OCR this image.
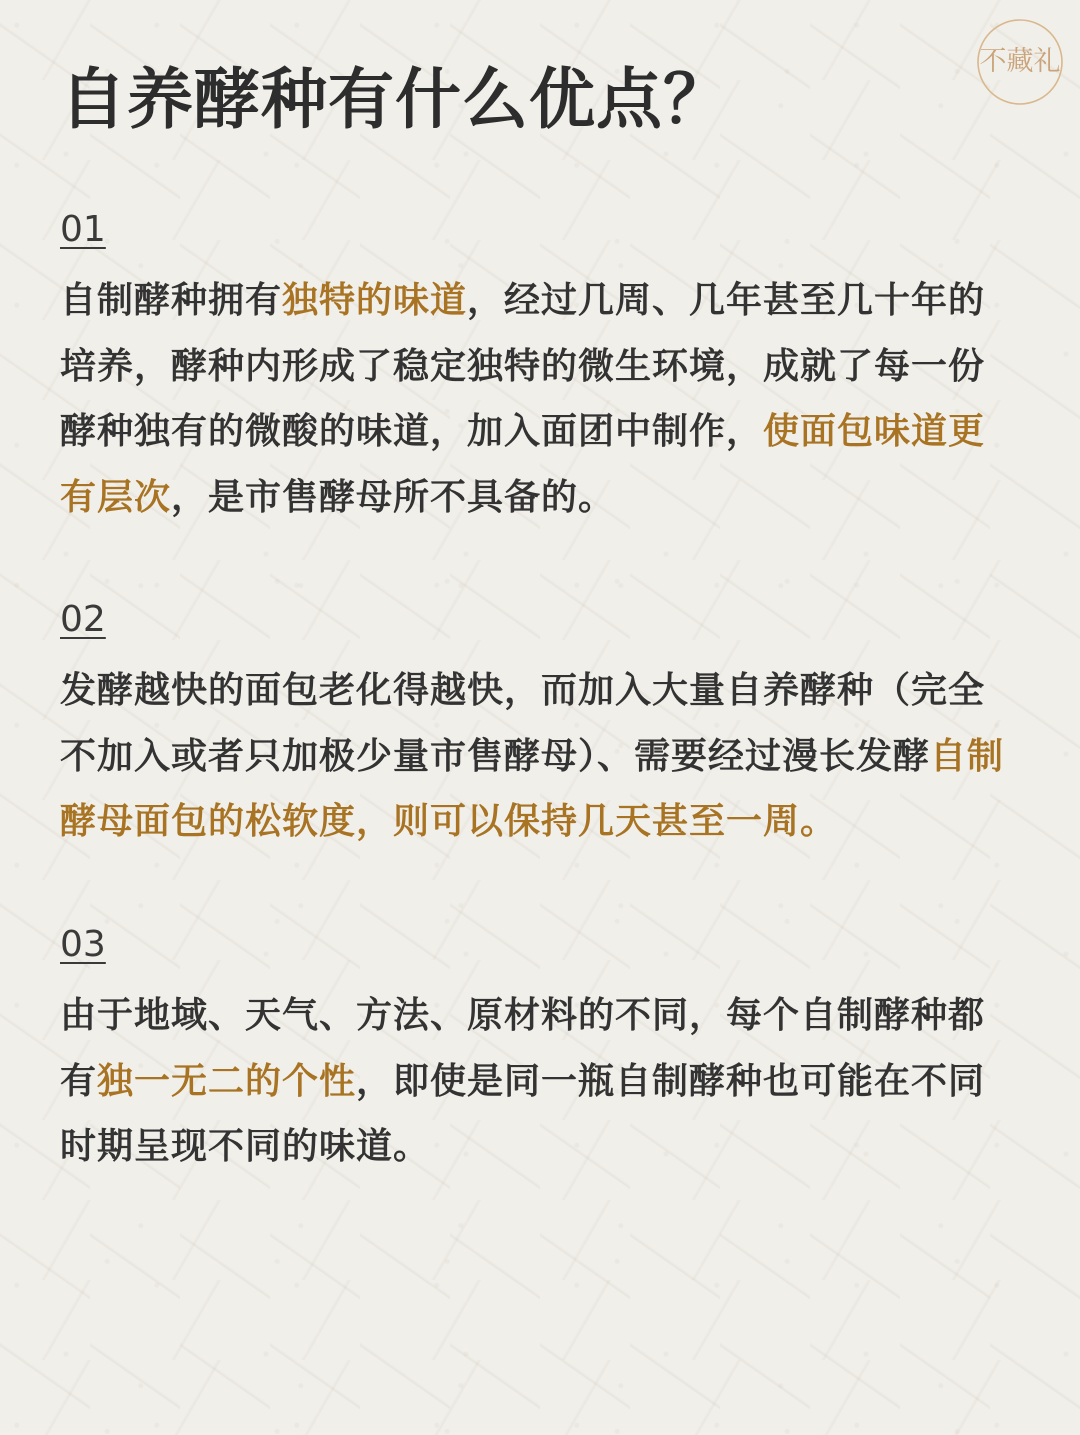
自养酵种有什么优点？	不藏礼
01

自制酵种拥有独特的味道，经过几周、几年甚至几十年的培养，酵种内形成了稳定独特的微生环境，成就了每一份酵种独有的微酸的味道，加入面团中制作，使面包味道更有层次，是市售酵母所不具备的。

02

发酵越快的面包老化得越快，而加入大量自养酵种（完全不加入或者只加极少量市售酵母）、需要经过漫长发酵自制酵母面包的松软度，则可以保持几天甚至一周。

03

由于地域、天气、方法、原材料的不同，每个自制酵种都有独一无二的个性，即使是同一瓶自制酵种也可能在不同时期呈现不同的味道。
